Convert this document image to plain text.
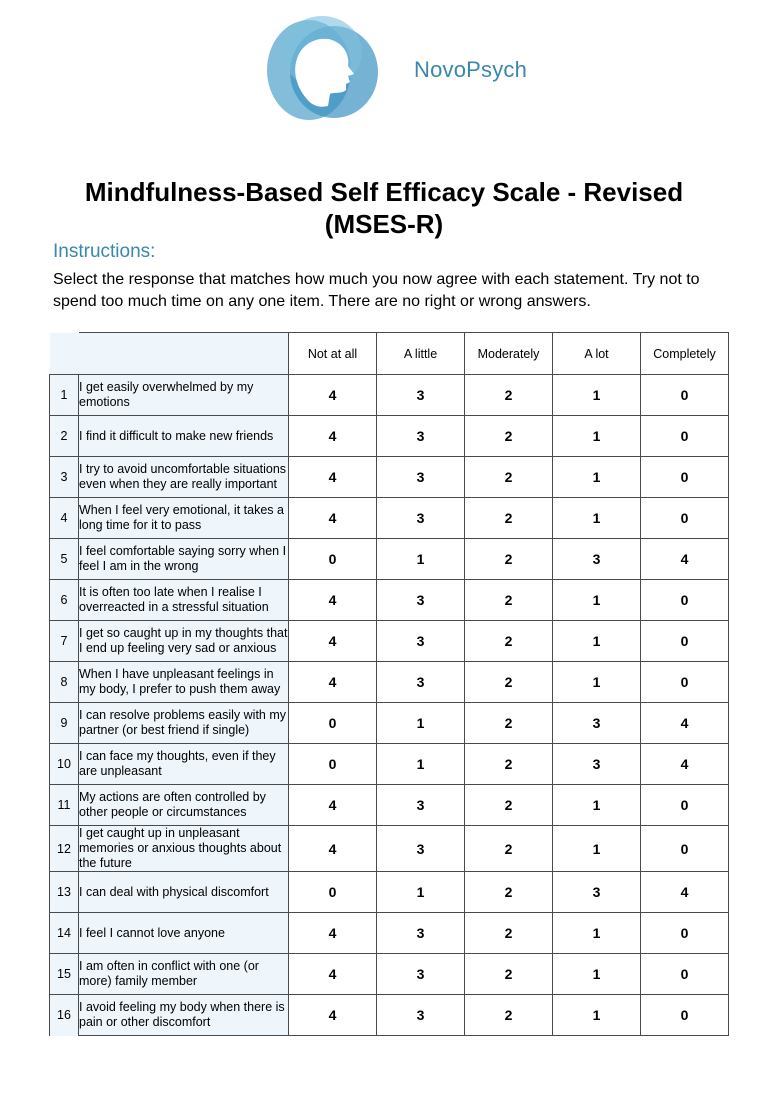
NovoPsych
Mindfulness-Based Self Efficacy Scale - Revised
(MSES-R)
Instructions:

Select the response that matches how much you now agree with each statement. Try not to spend too much time on any one item. There are no right or wrong answers.

		Not at all	A little	Moderately	A lot	Completely
1	I get easily overwhelmed by my emotions	4	3	2	1	0
2	I find it difficult to make new friends	4	3	2	1	0
3	I try to avoid uncomfortable situations even when they are really important	4	3	2	1	0
4	When I feel very emotional, it takes a long time for it to pass	4	3	2	1	0
5	I feel comfortable saying sorry when I feel I am in the wrong	0	1	2	3	4
6	It is often too late when I realise I overreacted in a stressful situation	4	3	2	1	0
7	I get so caught up in my thoughts that I end up feeling very sad or anxious	4	3	2	1	0
8	When I have unpleasant feelings in my body, I prefer to push them away	4	3	2	1	0
9	I can resolve problems easily with my partner (or best friend if single)	0	1	2	3	4
10	I can face my thoughts, even if they are unpleasant	0	1	2	3	4
11	My actions are often controlled by other people or circumstances	4	3	2	1	0
12	I get caught up in unpleasant memories or anxious thoughts about the future	4	3	2	1	0
13	I can deal with physical discomfort	0	1	2	3	4
14	I feel I cannot love anyone	4	3	2	1	0
15	I am often in conflict with one (or more) family member	4	3	2	1	0
16	I avoid feeling my body when there is pain or other discomfort	4	3	2	1	0
